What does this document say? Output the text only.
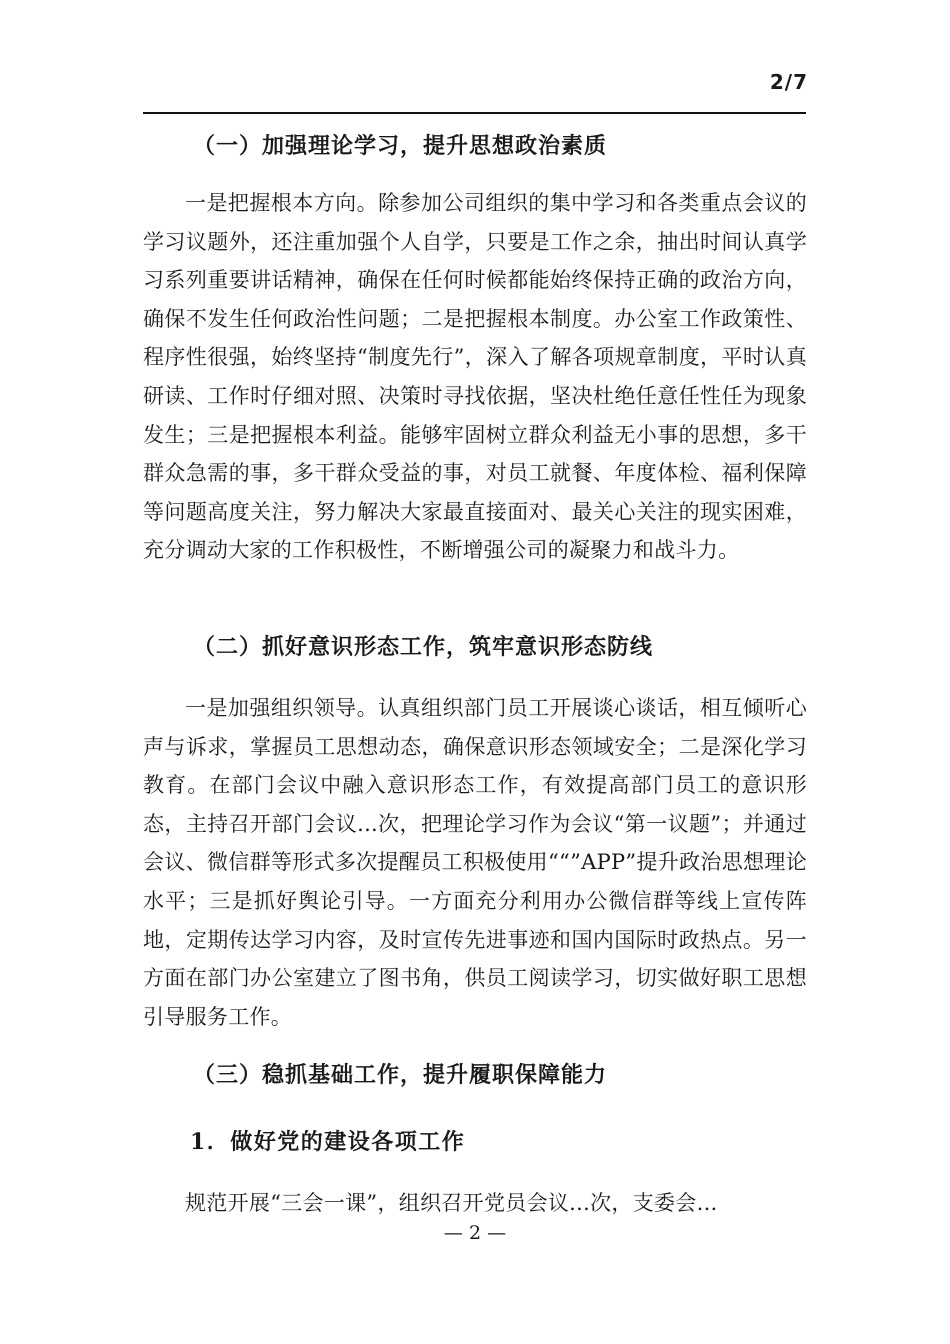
2/7
（一）加强理论学习，提升思想政治素质

一是把握根本方向。除参加公司组织的集中学习和各类重点会议的学习议题外，还注重加强个人自学，只要是工作之余，抽出时间认真学习系列重要讲话精神，确保在任何时候都能始终保持正确的政治方向，确保不发生任何政治性问题；二是把握根本制度。办公室工作政策性、程序性很强，始终坚持“制度先行”，深入了解各项规章制度，平时认真研读、工作时仔细对照、决策时寻找依据，坚决杜绝任意任性任为现象发生；三是把握根本利益。能够牢固树立群众利益无小事的思想，多干群众急需的事，多干群众受益的事，对员工就餐、年度体检、福利保障等问题高度关注，努力解决大家最直接面对、最关心关注的现实困难，充分调动大家的工作积极性，不断增强公司的凝聚力和战斗力。

（二）抓好意识形态工作，筑牢意识形态防线

一是加强组织领导。认真组织部门员工开展谈心谈话，相互倾听心声与诉求，掌握员工思想动态，确保意识形态领域安全；二是深化学习教育。在部门会议中融入意识形态工作，有效提高部门员工的意识形态，主持召开部门会议...次，把理论学习作为会议“第一议题”；并通过会议、微信群等形式多次提醒员工积极使用““”APP”提升政治思想理论水平；三是抓好舆论引导。一方面充分利用办公微信群等线上宣传阵地，定期传达学习内容，及时宣传先进事迹和国内国际时政热点。另一方面在部门办公室建立了图书角，供员工阅读学习，切实做好职工思想引导服务工作。

（三）稳抓基础工作，提升履职保障能力
1．做好党的建设各项工作

规范开展“三会一课”，组织召开党员会议...次，支委会...

— 2 —
